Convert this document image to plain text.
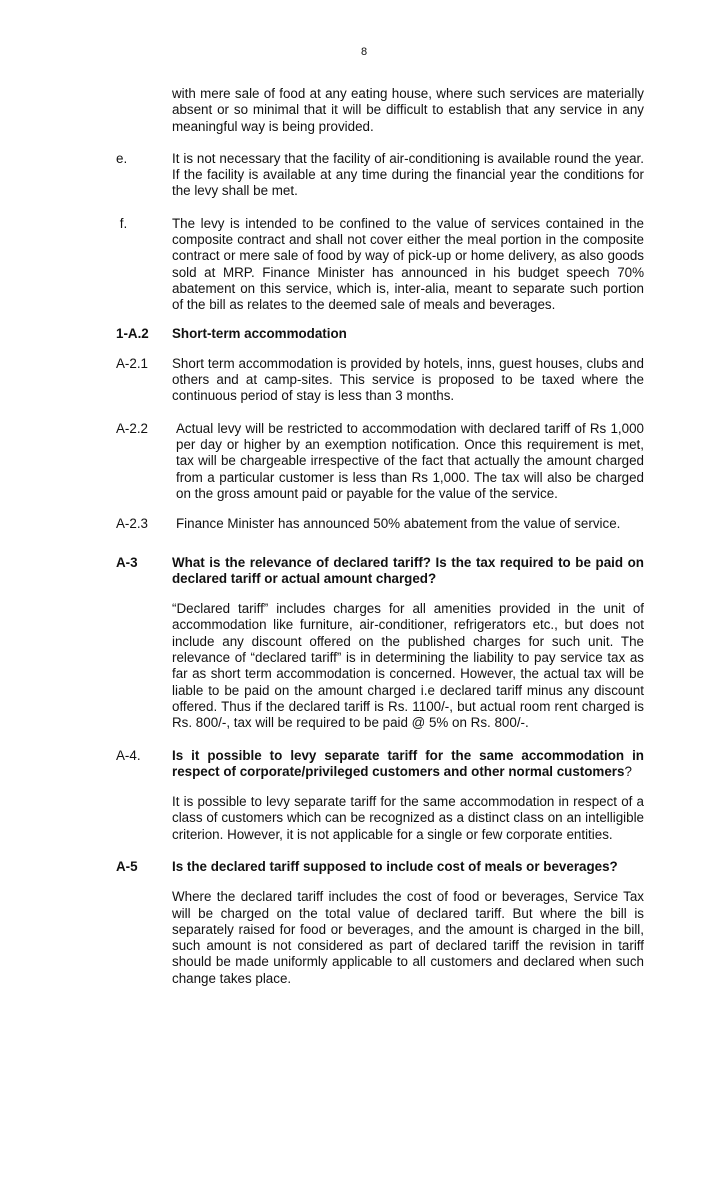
8
with mere sale of food at any eating house, where such services are materially absent or so minimal that it will be difficult to establish that any service in any meaningful way is being provided.
e.	It is not necessary that the facility of air-conditioning is available round the year. If the facility is available at any time during the financial year the conditions for the levy shall be met.
f.	The levy is intended to be confined to the value of services contained in the composite contract and shall not cover either the meal portion in the composite contract or mere sale of food by way of pick-up or home delivery, as also goods sold at MRP. Finance Minister has announced in his budget speech 70% abatement on this service, which is, inter-alia, meant to separate such portion of the bill as relates to the deemed sale of meals and beverages.
1-A.2 Short-term accommodation
A-2.1 Short term accommodation is provided by hotels, inns, guest houses, clubs and others and at camp-sites. This service is proposed to be taxed where the continuous period of stay is less than 3 months.
A-2.2 Actual levy will be restricted to accommodation with declared tariff of Rs 1,000 per day or higher by an exemption notification. Once this requirement is met, tax will be chargeable irrespective of the fact that actually the amount charged from a particular customer is less than Rs 1,000. The tax will also be charged on the gross amount paid or payable for the value of the service.
A-2.3 Finance Minister has announced 50% abatement from the value of service.
A-3	What is the relevance of declared tariff? Is the tax required to be paid on declared tariff or actual amount charged?
“Declared tariff” includes charges for all amenities provided in the unit of accommodation like furniture, air-conditioner, refrigerators etc., but does not include any discount offered on the published charges for such unit. The relevance of “declared tariff” is in determining the liability to pay service tax as far as short term accommodation is concerned. However, the actual tax will be liable to be paid on the amount charged i.e declared tariff minus any discount offered. Thus if the declared tariff is Rs. 1100/-, but actual room rent charged is Rs. 800/-, tax will be required to be paid @ 5% on Rs. 800/-.
A-4. Is it possible to levy separate tariff for the same accommodation in respect of corporate/privileged customers and other normal customers?
It is possible to levy separate tariff for the same accommodation in respect of a class of customers which can be recognized as a distinct class on an intelligible criterion. However, it is not applicable for a single or few corporate entities.
A-5	Is the declared tariff supposed to include cost of meals or beverages?
Where the declared tariff includes the cost of food or beverages, Service Tax will be charged on the total value of declared tariff. But where the bill is separately raised for food or beverages, and the amount is charged in the bill, such amount is not considered as part of declared tariff the revision in tariff should be made uniformly applicable to all customers and declared when such change takes place.
